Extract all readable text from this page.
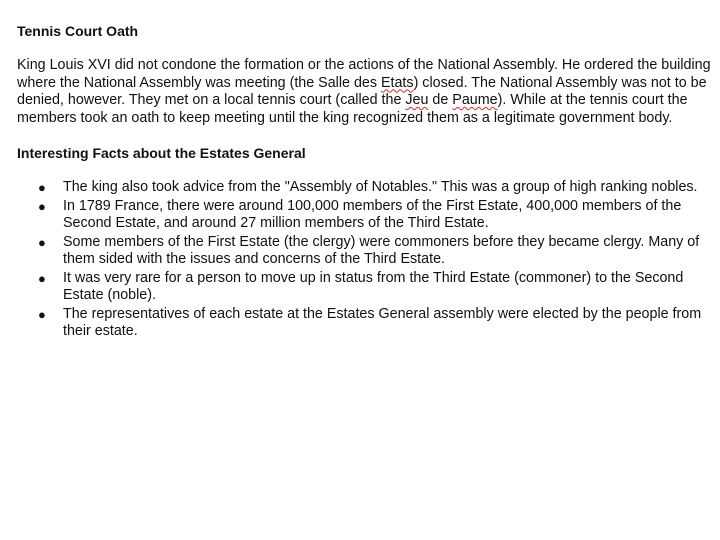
Tennis Court Oath

King Louis XVI did not condone the formation or the actions of the National Assembly. He ordered the building where the National Assembly was meeting (the Salle des Etats) closed. The National Assembly was not to be denied, however. They met on a local tennis court (called the Jeu de Paume). While at the tennis court the members took an oath to keep meeting until the king recognized them as a legitimate government body.

Interesting Facts about the Estates General
● The king also took advice from the "Assembly of Notables." This was a group of high ranking nobles.
● In 1789 France, there were around 100,000 members of the First Estate, 400,000 members of the Second Estate, and around 27 million members of the Third Estate.
● Some members of the First Estate (the clergy) were commoners before they became clergy. Many of them sided with the issues and concerns of the Third Estate.
● It was very rare for a person to move up in status from the Third Estate (commoner) to the Second Estate (noble).
● The representatives of each estate at the Estates General assembly were elected by the people from their estate.
